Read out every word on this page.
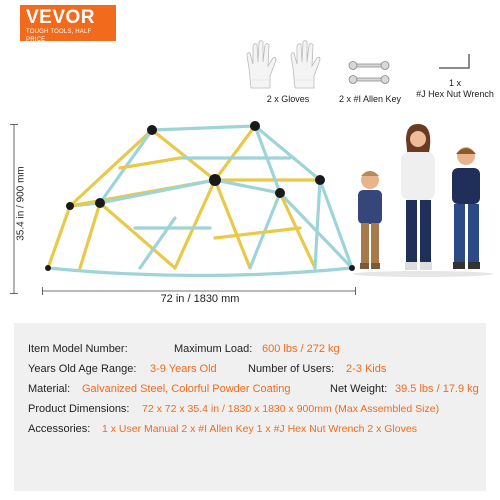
VEVOR
TOUGH TOOLS, HALF PRICE
2 x Gloves	2 x #I Allen Key
1 x
#J Hex Nut Wrench
35.4 in / 900 mm
72 in / 1830 mm
Item Model Number:	Maximum Load: 600 lbs / 272 kg
Years Old Age Range: 3-9 Years Old	Number of Users: 2-3 Kids
Material: Galvanized Steel, Colorful Powder Coating	Net Weight: 39.5 lbs / 17.9 kg
Product Dimensions: 72 x 72 x 35.4 in / 1830 x 1830 x 900mm (Max Assembled Size)
Accessories: 1 x User Manual 2 x #I Allen Key 1 x #J Hex Nut Wrench 2 x Gloves
